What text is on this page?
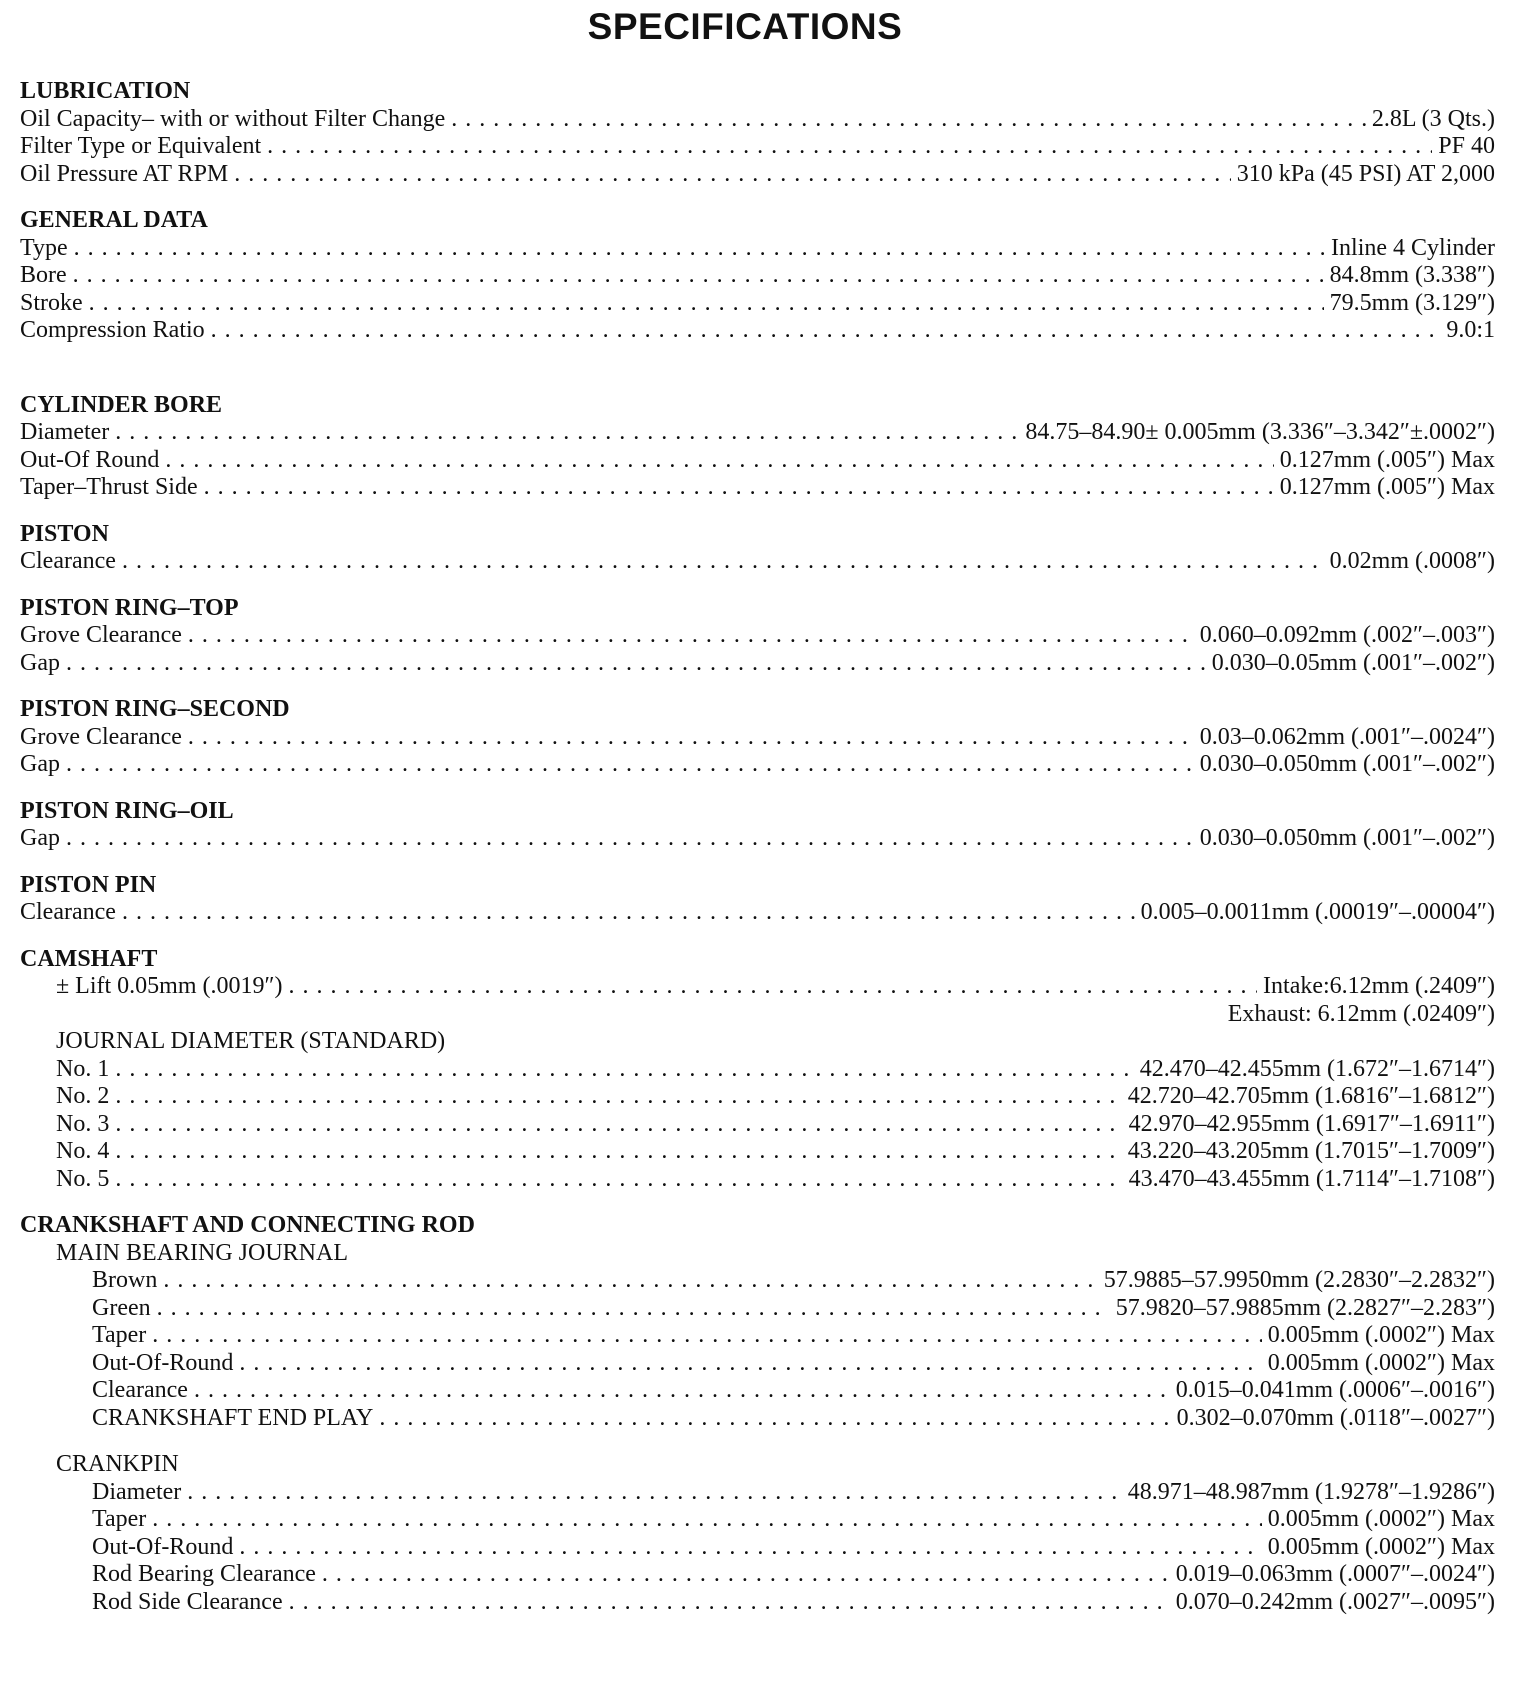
SPECIFICATIONS
LUBRICATION
Oil Capacity– with or without Filter Change . . .	2.8L (3 Qts.)
Filter Type or Equivalent . . .	PF 40
Oil Pressure AT RPM . . .	310 kPa (45 PSI) AT 2,000
GENERAL DATA
Type . . .	Inline 4 Cylinder
Bore . . .	84.8mm (3.338″)
Stroke . . .	79.5mm (3.129″)
Compression Ratio . . .	9.0:1
CYLINDER BORE
Diameter . . .	84.75–84.90± 0.005mm (3.336″–3.342″±.0002″)
Out-Of Round . . .	0.127mm (.005″) Max
Taper–Thrust Side . . .	0.127mm (.005″) Max
PISTON
Clearance . . .	0.02mm (.0008″)
PISTON RING–TOP
Grove Clearance . . .	0.060–0.092mm (.002″–.003″)
Gap . . .	0.030–0.05mm (.001″–.002″)
PISTON RING–SECOND
Grove Clearance . . .	0.03–0.062mm (.001″–.0024″)
Gap . . .	0.030–0.050mm (.001″–.002″)
PISTON RING–OIL
Gap . . .	0.030–0.050mm (.001″–.002″)
PISTON PIN
Clearance . . .	0.005–0.0011mm (.00019″–.00004″)
CAMSHAFT
± Lift 0.05mm (.0019″) . . .	Intake:6.12mm (.2409″)
Exhaust: 6.12mm (.02409″)
JOURNAL DIAMETER (STANDARD)
No. 1 . . .	42.470–42.455mm (1.672″–1.6714″)
No. 2 . . .	42.720–42.705mm (1.6816″–1.6812″)
No. 3 . . .	42.970–42.955mm (1.6917″–1.6911″)
No. 4 . . .	43.220–43.205mm (1.7015″–1.7009″)
No. 5 . . .	43.470–43.455mm (1.7114″–1.7108″)
CRANKSHAFT AND CONNECTING ROD
MAIN BEARING JOURNAL
Brown . . .	57.9885–57.9950mm (2.2830″–2.2832″)
Green . . .	57.9820–57.9885mm (2.2827″–2.283″)
Taper . . .	0.005mm (.0002″) Max
Out-Of-Round . . .	0.005mm (.0002″) Max
Clearance . . .	0.015–0.041mm (.0006″–.0016″)
CRANKSHAFT END PLAY . . .	0.302–0.070mm (.0118″–.0027″)
CRANKPIN
Diameter . . .	48.971–48.987mm (1.9278″–1.9286″)
Taper . . .	0.005mm (.0002″) Max
Out-Of-Round . . .	0.005mm (.0002″) Max
Rod Bearing Clearance . . .	0.019–0.063mm (.0007″–.0024″)
Rod Side Clearance . . .	0.070–0.242mm (.0027″–.0095″)
